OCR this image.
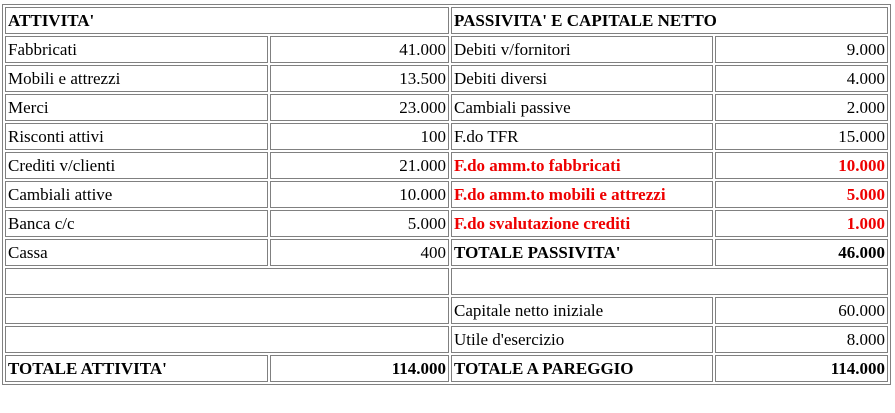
ATTIVITA'		PASSIVITA' E CAPITALE NETTO	
Fabbricati	41.000	Debiti v/fornitori	9.000
Mobili e attrezzi	13.500	Debiti diversi	4.000
Merci	23.000	Cambiali passive	2.000
Risconti attivi	100	F.do TFR	15.000
Crediti v/clienti	21.000	F.do amm.to fabbricati	10.000
Cambiali attive	10.000	F.do amm.to mobili e attrezzi	5.000
Banca c/c	5.000	F.do svalutazione crediti	1.000
Cassa	400	TOTALE PASSIVITA'	46.000

		Capitale netto iniziale	60.000
		Utile d'esercizio	8.000
TOTALE ATTIVITA'	114.000	TOTALE A PAREGGIO	114.000
